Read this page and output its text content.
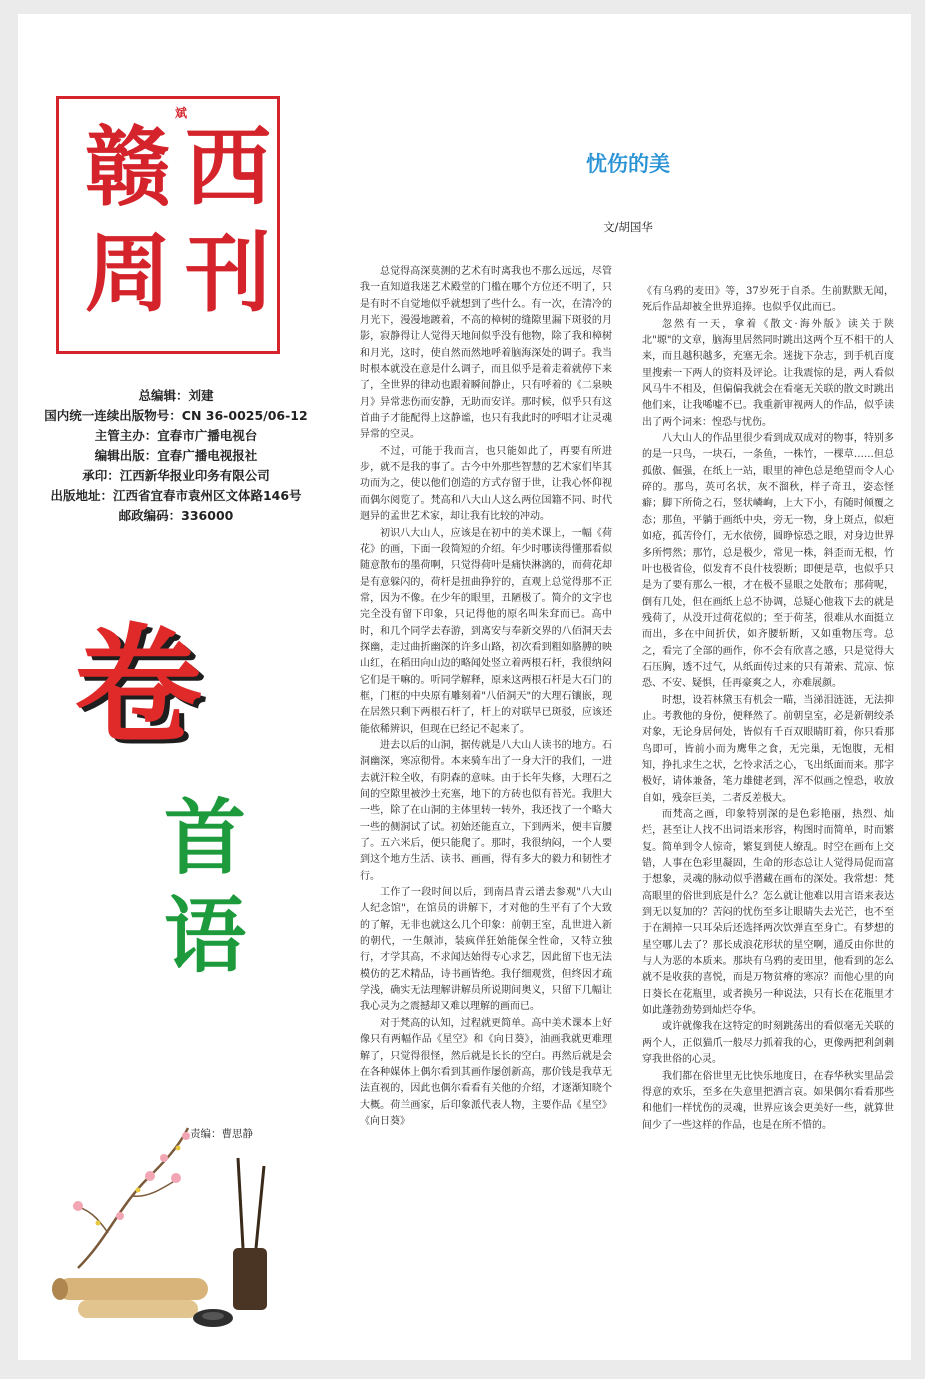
赣 西
周 刊
斌
总编辑：刘建
国内统一连续出版物号：CN 36-0025/06-12
主管主办：宜春市广播电视台
编辑出版：宜春广播电视报社
承印：江西新华报业印务有限公司
出版地址：江西省宜春市袁州区文体路146号
邮政编码：336000
卷
首
语
责编：曹思静
忧伤的美
文/胡国华

总觉得高深莫测的艺术有时离我也不那么远远，尽管我一直知道我迷艺术殿堂的门槛在哪个方位还不明了，只是有时不自觉地似乎就想到了些什么。有一次，在清冷的月光下，漫漫地踱着，不高的樟树的缝隙里漏下斑驳的月影，寂静得让人觉得天地间似乎没有他物，除了我和樟树和月光，这时，使自然而然地呼着脑海深处的调子。我当时根本就没在意是什么调子，而且似乎是着走着就停下来了，全世界的律动也跟着瞬间静止，只有呼着的《二泉映月》异常悲伤而安静，无助而安详。那时候，似乎只有这首曲子才能配得上这静谧，也只有我此时的呼唱才让灵魂异常的空灵。

不过，可能于我而言，也只能如此了，再要有所进步，就不是我的事了。古今中外那些智慧的艺术家们毕其功而为之，使以他们创造的方式存留于世，让我心怀仰视而偶尔阅览了。梵高和八大山人这么两位国籍不同、时代迥异的孟世艺术家，却让我有比较的冲动。

初识八大山人，应该是在初中的美术课上，一幅《荷花》的画，下面一段简短的介绍。年少时哪读得懂那看似随意散布的墨荷啊，只觉得荷叶是痛快淋漓的，而荷花却是有意躲闪的，荷杆是扭曲狰狞的，直观上总觉得那不正常，因为不像。在少年的眼里，丑陋极了。简介的文字也完全没有留下印象，只记得他的原名叫朱耷而已。高中时，和几个同学去春游，到离安与奉新交界的八佰洞天去探幽，走过曲折幽深的许多山路，初次看到粗如胳膊的映山红，在稻田向山边的略闻处竖立着两根石杆，我很纳闷它们是干嘛的。听同学解释，原来这两根石杆是大石门的框，门框的中央原有雕刻着"八佰洞天"的大理石镶嵌，现在居然只剩下两根石杆了，杆上的对联早已斑驳，应该还能依稀辨识，但现在已经记不起来了。

进去以后的山洞，据传就是八大山人读书的地方。石洞幽深，寒凉彻骨。本来骑车出了一身大汗的我们，一进去就汗粒全收，有阴森的意味。由于长年失修，大理石之间的空隙里被沙土充塞，地下的方砖也似有苔光。我胆大一些，除了在山洞的主体里转一转外，我还找了一个略大一些的侧洞试了试。初始还能直立，下到两米，便丰盲腰了。五六米后，便只能爬了。那时，我很纳闷，一个人要到这个地方生活、读书、画画，得有多大的毅力和韧性才行。

工作了一段时间以后，到南昌青云谱去参观"八大山人纪念馆"，在馆员的讲解下，才对他的生平有了个大致的了解，无非也就这么几个印象：前朝王室，乱世进入新的朝代，一生颠沛，装疯佯狂始能保全性命，又特立独行，才学其高，不求闻达始得专心求艺，因此留下也无法模仿的艺术精品，诗书画皆绝。我仔细观赏，但终因才疏学浅，确实无法理解讲解员所说期间奥义，只留下几幅让我心灵为之震撼却又难以理解的画而已。

对于梵高的认知，过程就更简单。高中美术课本上好像只有两幅作品《星空》和《向日葵》，油画我就更难理解了，只觉得很怪，然后就是长长的空白。再然后就是会在各种媒体上偶尔看到其画作屡创新高，那价钱是我草无法直视的，因此也偶尔看看有关他的介绍，才逐渐知晓个大概。荷兰画家，后印象派代表人物，主要作品《星空》《向日葵》

《有乌鸦的麦田》等，37岁死于自杀。生前默默无闻，死后作品却被全世界追捧。也似乎仅此而已。

忽然有一天，拿着《散文·海外版》读关于陕北"塬"的文章，脑海里居然同时跳出这两个互不相干的人来，而且越积越多，充塞无余。迷拢下杂志，到手机百度里搜索一下两人的资料及评论。让我震惊的是，两人看似风马牛不相及，但偏偏我就会在看毫无关联的散文时跳出他们来，让我唏嘘不已。我重新审视两人的作品，似乎读出了两个词来：惶恐与忧伤。

八大山人的作品里很少看到成双成对的物事，特别多的是一只鸟，一块石，一条鱼，一株竹，一棵草……但总孤傲、倔强，在纸上一站，眼里的神色总是绝望而令人心碎的。那鸟，英可名状，灰不溜秋，样子奇丑，姿态怪癖；脚下所倚之石，竖状嶙峋，上大下小，有随时倾覆之态；那鱼，平躺于画纸中央，旁无一物，身上斑点，似疤如疮，孤苦伶仃，无水依傍，圆睁惊恐之眼，对身边世界多所愕然；那竹，总是极少，常见一株，斜歪而无根，竹叶也极省俭，似发育不良什枝裂断；即便是草，也似乎只是为了要有那么一根，才在极不显眼之处散布；那荷呢，倒有几处，但在画纸上总不协调，总疑心他栽下去的就是残荷了，从没开过荷花似的；至于荷茎，很难从水面挺立而出，多在中间折伏，如齐腰斩断，又如重物压弯。总之，看完了全部的画作，你不会有欣喜之感，只是觉得大石压胸，透不过气，从纸面传过来的只有萧索、荒凉、惊恐、不安、疑惧，任再豪爽之人，亦难展颜。

时想，设若林黛玉有机会一瞄，当涕泪涟涟，无法抑止。考教他的身份，便释然了。前朝皇室，必是新朝绞杀对象，无论身居何处，皆似有千百双眼睛盯着，你只看那鸟即可，皆前小而为鹰隼之食，无完巢，无饱腹，无相知，挣扎求生之状，乞怜求活之心，飞出纸面而来。那字极好，请体兼备，笔力雄健老到，浑不似画之惶恐，收放自如，残奈巨美，二者反差极大。

而梵高之画，印象特别深的是色彩艳丽，热烈、灿烂，甚至让人找不出词语来形容，构图时而简单，时而繁复。简单到令人惊奇，繁复到使人缭乱。时空在画布上交错，人事在色彩里凝固，生命的形态总让人觉得局促而富于想象，灵魂的脉动似乎潜藏在画布的深处。我常想：梵高眼里的俗世到底是什么？怎么就让他难以用言语来表达到无以复加的？苦闷的忧伤至多让眼睛失去光芒，也不至于在割掉一只耳朵后还选择两次饮弹直至身亡。有梦想的星空哪儿去了？那长成浪花形状的星空啊，通反由你世的与人为恶的本质来。那块有乌鸦的麦田里，他看到的怎么就不是收获的喜悦，而是万物贫瘠的寒凉？而他心里的向日葵长在花瓶里，或者换另一种说法，只有长在花瓶里才如此蓬勃劲势到灿烂夺华。

或许就像我在这特定的时刻跳荡出的看似毫无关联的两个人，正似猫爪一般尽力抓着我的心，更像两把利剑刺穿我世俗的心灵。

我们都在俗世里无比快乐地度日，在春华秋实里品尝得意的欢乐，至多在失意里把酒言哀。如果偶尔看看那些和他们一样忧伤的灵魂，世界应该会更美好一些，就算世间少了一些这样的作品，也是在所不惜的。
